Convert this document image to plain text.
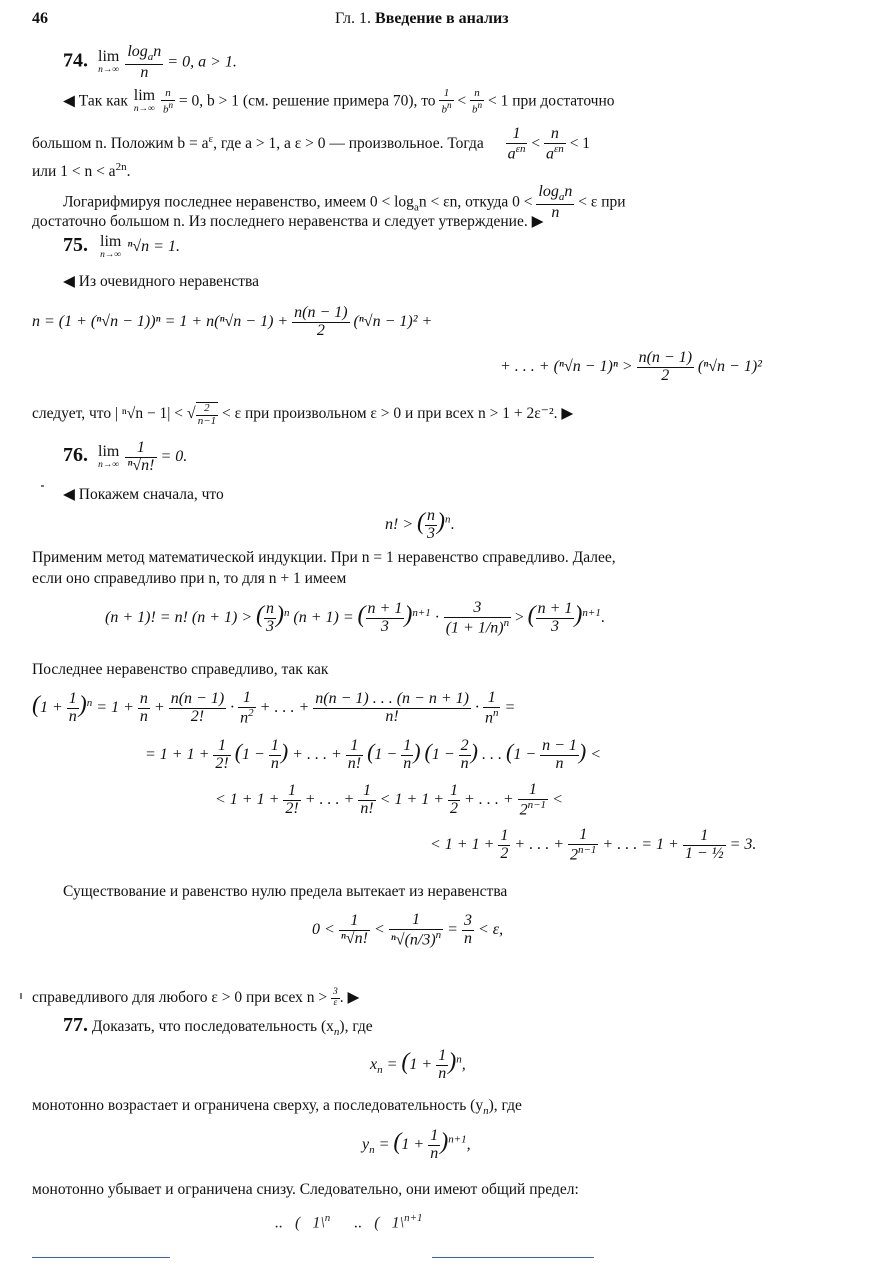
46	Гл. 1. Введение в анализ
74. lim
n→∞
$\frac{\log_an}{n} = 0$, a > 1.
◀ Так как lim
n→∞
$\frac{n}{b^n} = 0$, b > 1 (см. решение примера 70), то $\frac{1}{b^n} < \frac{n}{b^n} < 1$ при достаточно
большом n. Положим $b = a^\varepsilon$, где a > 1, a ε > 0 — произвольное. Тогда $\frac{1}{a^{\varepsilon n}} < \frac{n}{a^{\varepsilon n}} < 1$
или $1 < n < a^{2n}$.
Логарифмируя последнее неравенство, имеем $0 < \log_an < \varepsilon n$, откуда $0 < \frac{\log_an}{n} < \varepsilon$ при
достаточно большом n. Из последнего неравенства и следует утверждение. ▶
75. lim
n→∞ ⁿ√n = 1.
◀ Из очевидного неравенства
$n = (1 + (^n√n - 1))^n = 1 + n(^n√n - 1) + \frac{n(n - 1)}{2} (^n√n - 1)^2$ +
+ . . . + $(^n√n - 1)^n > \frac{n(n - 1)}{2} (^n√n - 1)^2$
следует, что | ⁿ√n − 1| < √ $\frac{2}{n-1} < \varepsilon$ при произвольном ε > 0 и при всех n > 1 + 2ε⁻². ▶
76. lim
n→∞
$\frac{1}{\text{ⁿ√n!}} = 0$.
◀ Покажем сначала, что
n! > ( $\frac{n}{3} )^n$.
Применим метод математической индукции. При n = 1 неравенство справедливо. Далее,
если оно справедливо при n, то для n + 1 имеем
(n + 1)! = n! (n + 1) > ( $\frac{n}{3} )^n$ (n + 1) = ( $\frac{n + 1}{3} )^{n+1} \cdot \frac{3}{(1 + 1/n)^n}$ > ( $\frac{n + 1}{3} )^{n+1}$.
Последнее неравенство справедливо, так как
$(1 + \frac{1}{n} )^n = 1 + \frac{n}{n} + \frac{n(n - 1)}{2!} \cdot \frac{1}{n^2}$ + . . . + $\frac{n(n - 1) . . . (n - n + 1)}{n!} \cdot \frac{1}{n^n}$ =
= $1 + 1 + \frac{1}{2!} (1 - \frac{1}{n}$ ) + . . . + $\frac{1}{n!} (1 - \frac{1}{n}$ ) ($1 - \frac{2}{n}$ ) . . . ($1 - \frac{n - 1}{n}$ ) <
< $1 + 1 + \frac{1}{2!}$ + . . . + $\frac{1}{n!} < 1 + 1 + \frac{1}{2}$ + . . . + $\frac{1}{2^{n-1}}$ <
< $1 + 1 + \frac{1}{2}$ + . . . + $\frac{1}{2^{n-1}}$ + . . . = $1 + \frac{1}{\text{1 − ½}} = 3$.
Существование и равенство нулю предела вытекает из неравенства
$0 < \frac{1}{\text{ⁿ√n!}} < \frac{1}{^n√(n/3)^n} = \frac{3}{n} < \varepsilon$,
справедливого для любого ε > 0 при всех $n > \frac{3}{\varepsilon}$ . ▶
77. Доказать, что последовательность $(x_n)$, где
$x_n = (1 + \frac{1}{n} )^n$,
монотонно возрастает и ограничена сверху, а последовательность $(y_n)$, где
$y_n = (1 + \frac{1}{n} )^{n+1}$,
монотонно убывает и ограничена снизу. Следовательно, они имеют общий предел:
..   (   1\$^n$      ..   (   1\$^{n+1}$
